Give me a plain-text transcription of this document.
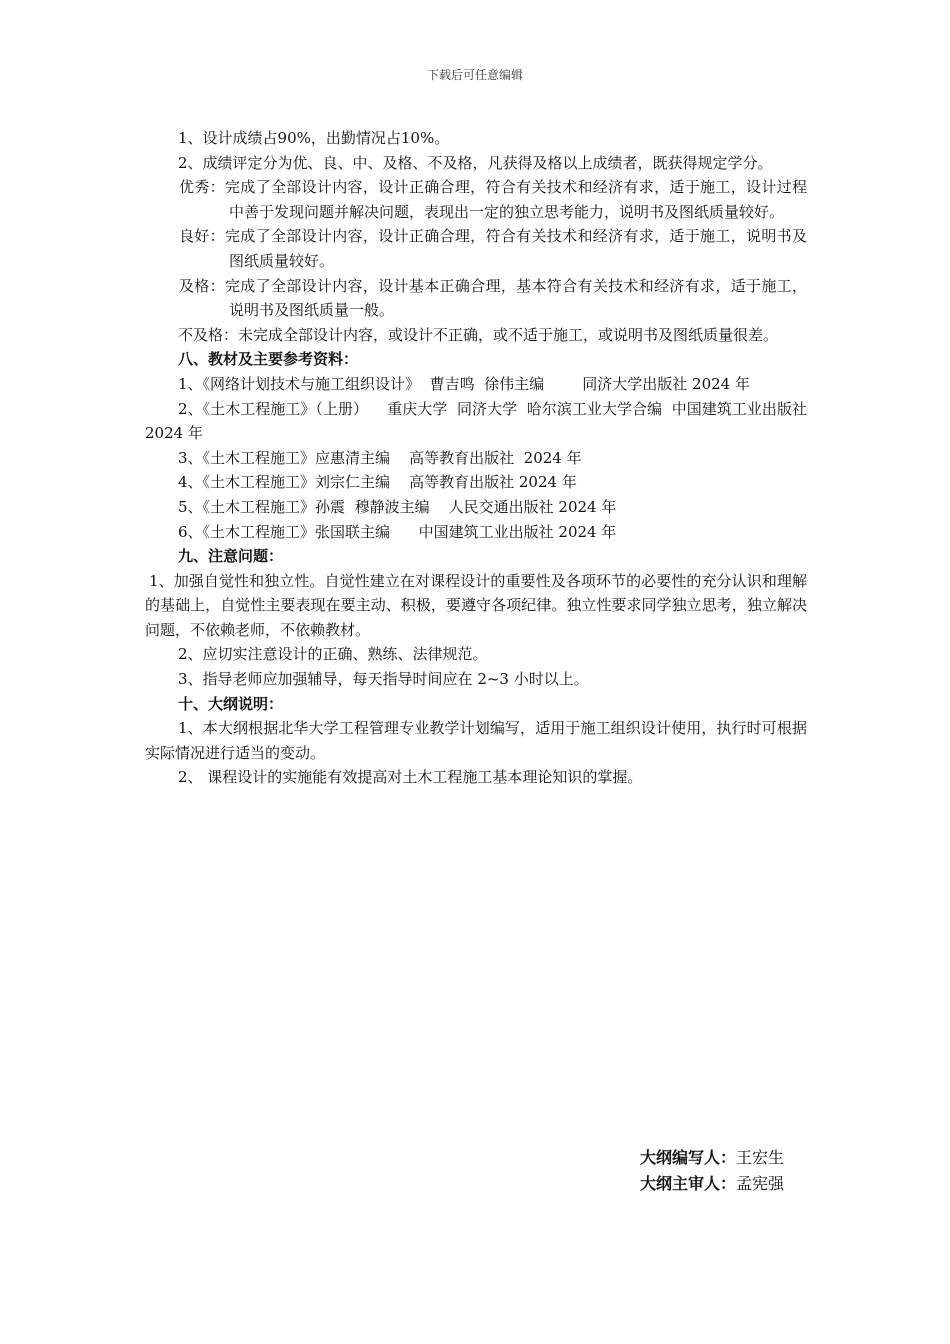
下载后可任意编辑

1、设计成绩占90%，出勤情况占10%。

2、成绩评定分为优、良、中、及格、不及格，凡获得及格以上成绩者，既获得规定学分。

优秀：完成了全部设计内容，设计正确合理，符合有关技术和经济有求，适于施工，设计过程中善于发现问题并解决问题，表现出一定的独立思考能力，说明书及图纸质量较好。

良好：完成了全部设计内容，设计正确合理，符合有关技术和经济有求，适于施工，说明书及图纸质量较好。

及格：完成了全部设计内容，设计基本正确合理，基本符合有关技术和经济有求，适于施工，说明书及图纸质量一般。

不及格：未完成全部设计内容，或设计不正确，或不适于施工，或说明书及图纸质量很差。

八、教材及主要参考资料：

1、《网络计划技术与施工组织设计》  曹吉鸣  徐伟主编        同济大学出版社 2024 年

2、《土木工程施工》（上册）    重庆大学  同济大学  哈尔滨工业大学合编  中国建筑工业出版社  2024 年

3、《土木工程施工》应惠清主编    高等教育出版社  2024 年

4、《土木工程施工》刘宗仁主编    高等教育出版社 2024 年

5、《土木工程施工》孙震  穆静波主编    人民交通出版社 2024 年

6、《土木工程施工》张国联主编      中国建筑工业出版社 2024 年

九、注意问题：

1、加强自觉性和独立性。自觉性建立在对课程设计的重要性及各项环节的必要性的充分认识和理解的基础上，自觉性主要表现在要主动、积极，要遵守各项纪律。独立性要求同学独立思考，独立解决问题，不依赖老师，不依赖教材。

2、应切实注意设计的正确、熟练、法律规范。

3、指导老师应加强辅导，每天指导时间应在 2~3 小时以上。

十、大纲说明：

1、本大纲根据北华大学工程管理专业教学计划编写，适用于施工组织设计使用，执行时可根据实际情况进行适当的变动。

2、 课程设计的实施能有效提高对土木工程施工基本理论知识的掌握。

大纲编写人：王宏生
大纲主审人：孟宪强
